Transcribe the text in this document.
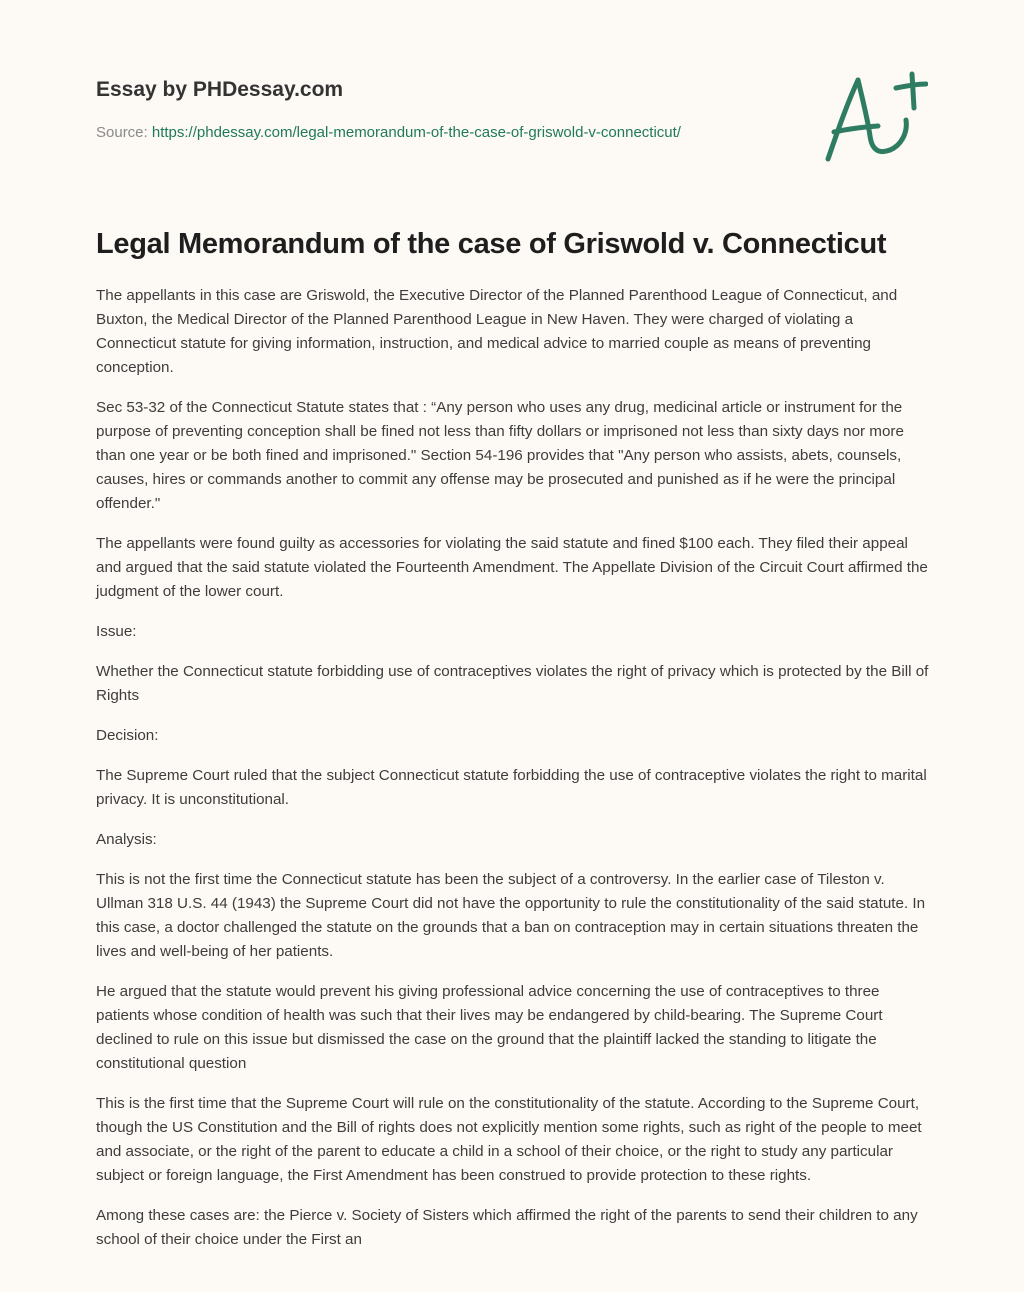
Essay by PHDessay.com
Source: https://phdessay.com/legal-memorandum-of-the-case-of-griswold-v-connecticut/
Legal Memorandum of the case of Griswold v. Connecticut

The appellants in this case are Griswold, the Executive Director of the Planned Parenthood League of Connecticut, and Buxton, the Medical Director of the Planned Parenthood League in New Haven. They were charged of violating a Connecticut statute for giving information, instruction, and medical advice to married couple as means of preventing conception.

Sec 53-32 of the Connecticut Statute states that : “Any person who uses any drug, medicinal article or instrument for the purpose of preventing conception shall be fined not less than fifty dollars or imprisoned not less than sixty days nor more than one year or be both fined and imprisoned." Section 54-196 provides that "Any person who assists, abets, counsels, causes, hires or commands another to commit any offense may be prosecuted and punished as if he were the principal offender."

The appellants were found guilty as accessories for violating the said statute and fined $100 each. They filed their appeal and argued that the said statute violated the Fourteenth Amendment. The Appellate Division of the Circuit Court affirmed the judgment of the lower court.

Issue:

Whether the Connecticut statute forbidding use of contraceptives violates the right of privacy which is protected by the Bill of Rights

Decision:

The Supreme Court ruled that the subject Connecticut statute forbidding the use of contraceptive violates the right to marital privacy. It is unconstitutional.

Analysis:

This is not the first time the Connecticut statute has been the subject of a controversy. In the earlier case of Tileston v. Ullman 318 U.S. 44 (1943) the Supreme Court did not have the opportunity to rule the constitutionality of the said statute. In this case, a doctor challenged the statute on the grounds that a ban on contraception may in certain situations threaten the lives and well-being of her patients.

He argued that the statute would prevent his giving professional advice concerning the use of contraceptives to three patients whose condition of health was such that their lives may be endangered by child-bearing. The Supreme Court declined to rule on this issue but dismissed the case on the ground that the plaintiff lacked the standing to litigate the constitutional question

This is the first time that the Supreme Court will rule on the constitutionality of the statute. According to the Supreme Court, though the US Constitution and the Bill of rights does not explicitly mention some rights, such as right of the people to meet and associate, or the right of the parent to educate a child in a school of their choice, or the right to study any particular subject or foreign language, the First Amendment has been construed to provide protection to these rights.

Among these cases are: the Pierce v. Society of Sisters which affirmed the right of the parents to send their children to any school of their choice under the First an
